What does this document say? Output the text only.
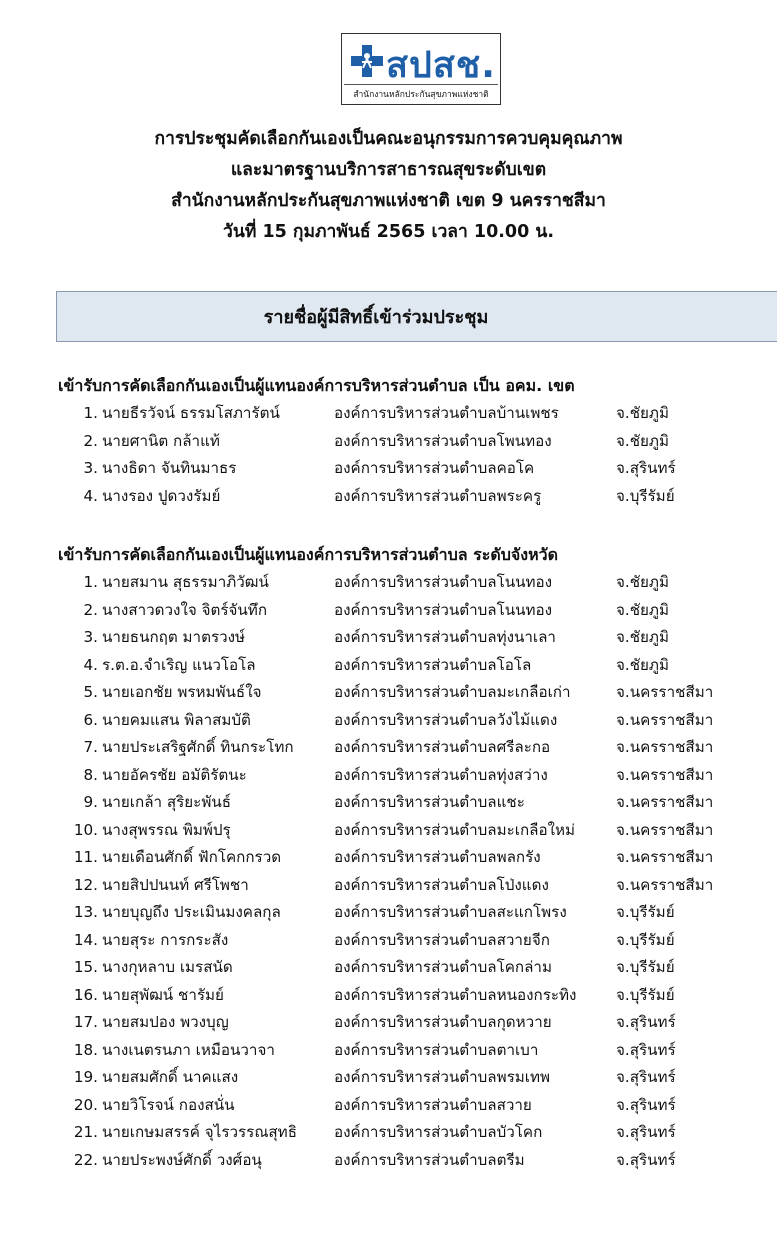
สปสช.
สำนักงานหลักประกันสุขภาพแห่งชาติ
การประชุมคัดเลือกกันเองเป็นคณะอนุกรรมการควบคุมคุณภาพ
และมาตรฐานบริการสาธารณสุขระดับเขต
สำนักงานหลักประกันสุขภาพแห่งชาติ เขต 9 นครราชสีมา
วันที่ 15 กุมภาพันธ์ 2565 เวลา 10.00 น.
รายชื่อผู้มีสิทธิ์เข้าร่วมประชุม
เข้ารับการคัดเลือกกันเองเป็นผู้แทนองค์การบริหารส่วนตำบล เป็น อคม. เขต
1. นายธีรวัจน์ ธรรมโสภารัตน์	องค์การบริหารส่วนตำบลบ้านเพชร	จ.ชัยภูมิ
2. นายศานิต กล้าแท้	องค์การบริหารส่วนตำบลโพนทอง	จ.ชัยภูมิ
3. นางธิดา จันทินมาธร	องค์การบริหารส่วนตำบลคอโค	จ.สุรินทร์
4. นางรอง ปูดวงรัมย์	องค์การบริหารส่วนตำบลพระครู	จ.บุรีรัมย์
เข้ารับการคัดเลือกกันเองเป็นผู้แทนองค์การบริหารส่วนตำบล ระดับจังหวัด
1. นายสมาน สุธรรมาภิวัฒน์	องค์การบริหารส่วนตำบลโนนทอง	จ.ชัยภูมิ
2. นางสาวดวงใจ จิตร์จันทึก	องค์การบริหารส่วนตำบลโนนทอง	จ.ชัยภูมิ
3. นายธนกฤต มาตรวงษ์	องค์การบริหารส่วนตำบลทุ่งนาเลา	จ.ชัยภูมิ
4. ร.ต.อ.จำเริญ แนวโอโล	องค์การบริหารส่วนตำบลโอโล	จ.ชัยภูมิ
5. นายเอกชัย พรหมพันธ์ใจ	องค์การบริหารส่วนตำบลมะเกลือเก่า	จ.นครราชสีมา
6. นายคมแสน พิลาสมบัติ	องค์การบริหารส่วนตำบลวังไม้แดง	จ.นครราชสีมา
7. นายประเสริฐศักดิ์ ทินกระโทก	องค์การบริหารส่วนตำบลศรีละกอ	จ.นครราชสีมา
8. นายอัครชัย อมัติรัตนะ	องค์การบริหารส่วนตำบลทุ่งสว่าง	จ.นครราชสีมา
9. นายเกล้า สุริยะพันธ์	องค์การบริหารส่วนตำบลแชะ	จ.นครราชสีมา
10. นางสุพรรณ พิมพ์ปรุ	องค์การบริหารส่วนตำบลมะเกลือใหม่	จ.นครราชสีมา
11. นายเดือนศักดิ์ ฟักโคกกรวด	องค์การบริหารส่วนตำบลพลกรัง	จ.นครราชสีมา
12. นายสิปปนนท์ ศรีโพชา	องค์การบริหารส่วนตำบลโป่งแดง	จ.นครราชสีมา
13. นายบุญถึง ประเมินมงคลกุล	องค์การบริหารส่วนตำบลสะแกโพรง	จ.บุรีรัมย์
14. นายสุระ การกระสัง	องค์การบริหารส่วนตำบลสวายจีก	จ.บุรีรัมย์
15. นางกุหลาบ เมรสนัด	องค์การบริหารส่วนตำบลโคกล่าม	จ.บุรีรัมย์
16. นายสุพัฒน์ ชารัมย์	องค์การบริหารส่วนตำบลหนองกระทิง	จ.บุรีรัมย์
17. นายสมปอง พวงบุญ	องค์การบริหารส่วนตำบลกุดหวาย	จ.สุรินทร์
18. นางเนตรนภา เหมือนวาจา	องค์การบริหารส่วนตำบลตาเบา	จ.สุรินทร์
19. นายสมศักดิ์ นาคแสง	องค์การบริหารส่วนตำบลพรมเทพ	จ.สุรินทร์
20. นายวิโรจน์ กองสนั่น	องค์การบริหารส่วนตำบลสวาย	จ.สุรินทร์
21. นายเกษมสรรค์ จุไรวรรณสุทธิ องค์การบริหารส่วนตำบลบัวโคก	จ.สุรินทร์
22. นายประพงษ์ศักดิ์ วงศ์อนุ	องค์การบริหารส่วนตำบลตรีม	จ.สุรินทร์
